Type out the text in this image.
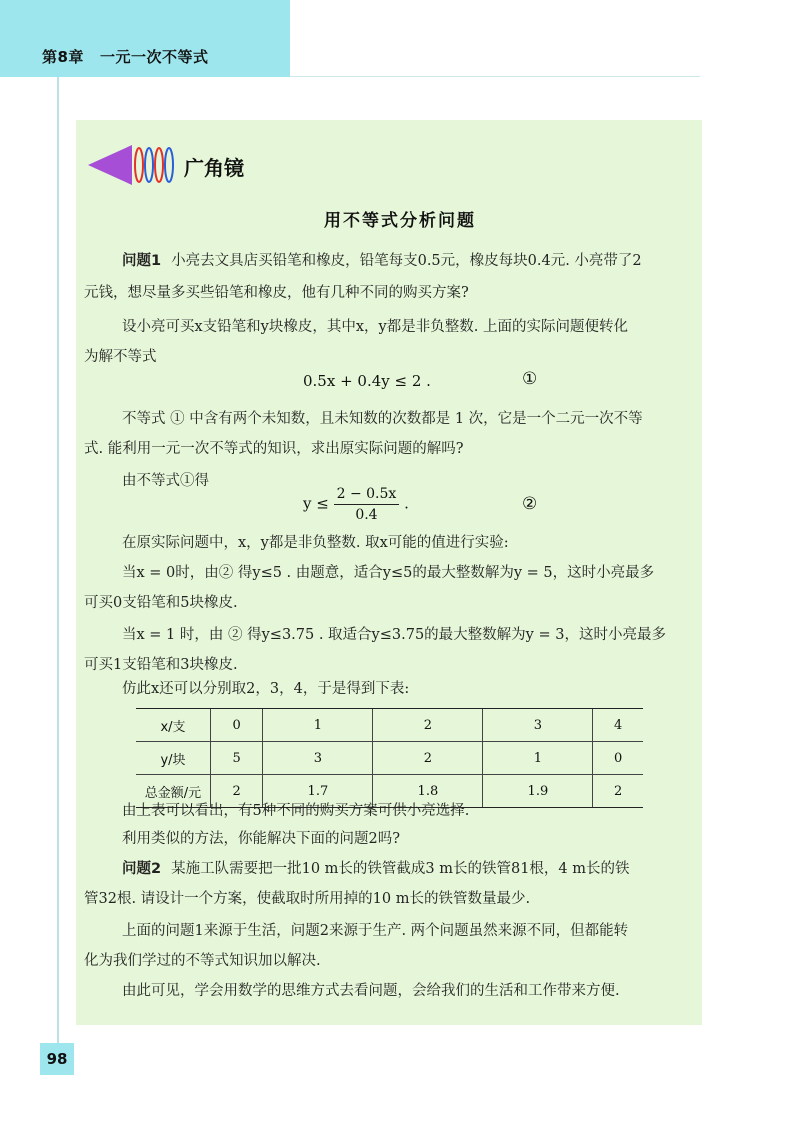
第8章 一元一次不等式
广角镜
用不等式分析问题

问题1 小亮去文具店买铅笔和橡皮，铅笔每支0.5元，橡皮每块0.4元. 小亮带了2

元钱，想尽量多买些铅笔和橡皮，他有几种不同的购买方案?

设小亮可买x支铅笔和y块橡皮，其中x，y都是非负整数. 上面的实际问题便转化

为解不等式

0.5x + 0.4y ≤ 2 .	①

不等式 ① 中含有两个未知数，且未知数的次数都是 1 次，它是一个二元一次不等

式. 能利用一元一次不等式的知识，求出原实际问题的解吗?

由不等式①得

$y \le \frac{2 - 0.5x}{0.4}$ .	②

在原实际问题中，x，y都是非负整数. 取x可能的值进行实验:

当x = 0时，由② 得y≤5 . 由题意，适合y≤5的最大整数解为y = 5，这时小亮最多

可买0支铅笔和5块橡皮.

当x = 1 时，由 ② 得y≤3.75 . 取适合y≤3.75的最大整数解为y = 3，这时小亮最多

可买1支铅笔和3块橡皮.

仿此x还可以分别取2，3，4，于是得到下表:

x/支	0	1	2	3	4
y/块	5	3	2	1	0
总金额/元	2	1.7	1.8	1.9	2

由上表可以看出，有5种不同的购买方案可供小亮选择.

利用类似的方法，你能解决下面的问题2吗?

问题2 某施工队需要把一批10 m长的铁管截成3 m长的铁管81根，4 m长的铁

管32根. 请设计一个方案，使截取时所用掉的10 m长的铁管数量最少.

上面的问题1来源于生活，问题2来源于生产. 两个问题虽然来源不同，但都能转

化为我们学过的不等式知识加以解决.

由此可见，学会用数学的思维方式去看问题，会给我们的生活和工作带来方便.

98
